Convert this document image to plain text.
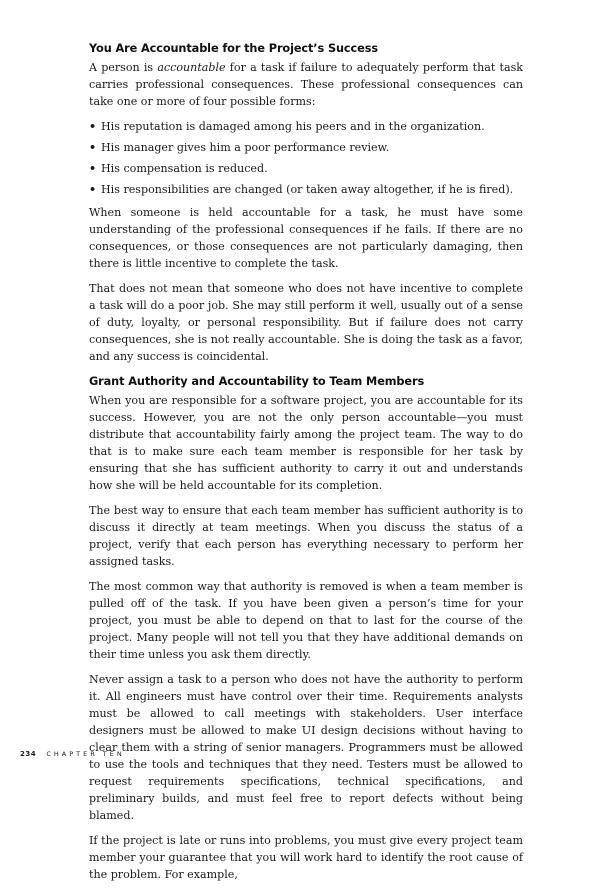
You Are Accountable for the Project’s Success

A person is accountable for a task if failure to adequately perform that task carries professional consequences. These professional consequences can take one or more of four possible forms:

• His reputation is damaged among his peers and in the organization.
• His manager gives him a poor performance review.
• His compensation is reduced.
• His responsibilities are changed (or taken away altogether, if he is fired).

When someone is held accountable for a task, he must have some understanding of the professional consequences if he fails. If there are no consequences, or those consequences are not particularly damaging, then there is little incentive to complete the task.

That does not mean that someone who does not have incentive to complete a task will do a poor job. She may still perform it well, usually out of a sense of duty, loyalty, or personal responsibility. But if failure does not carry consequences, she is not really accountable. She is doing the task as a favor, and any success is coincidental.

Grant Authority and Accountability to Team Members

When you are responsible for a software project, you are accountable for its success. However, you are not the only person accountable—you must distribute that accountability fairly among the project team. The way to do that is to make sure each team member is responsible for her task by ensuring that she has sufficient authority to carry it out and understands how she will be held accountable for its completion.

The best way to ensure that each team member has sufficient authority is to discuss it directly at team meetings. When you discuss the status of a project, verify that each person has everything necessary to perform her assigned tasks.

The most common way that authority is removed is when a team member is pulled off of the task. If you have been given a person’s time for your project, you must be able to depend on that to last for the course of the project. Many people will not tell you that they have additional demands on their time unless you ask them directly.

Never assign a task to a person who does not have the authority to perform it. All engineers must have control over their time. Requirements analysts must be allowed to call meetings with stakeholders. User interface designers must be allowed to make UI design decisions without having to clear them with a string of senior managers. Programmers must be allowed to use the tools and techniques that they need. Testers must be allowed to request requirements specifications, technical specifications, and preliminary builds, and must feel free to report defects without being blamed.

If the project is late or runs into problems, you must give every project team member your guarantee that you will work hard to identify the root cause of the problem. For example,

234 CHAPTER TEN
